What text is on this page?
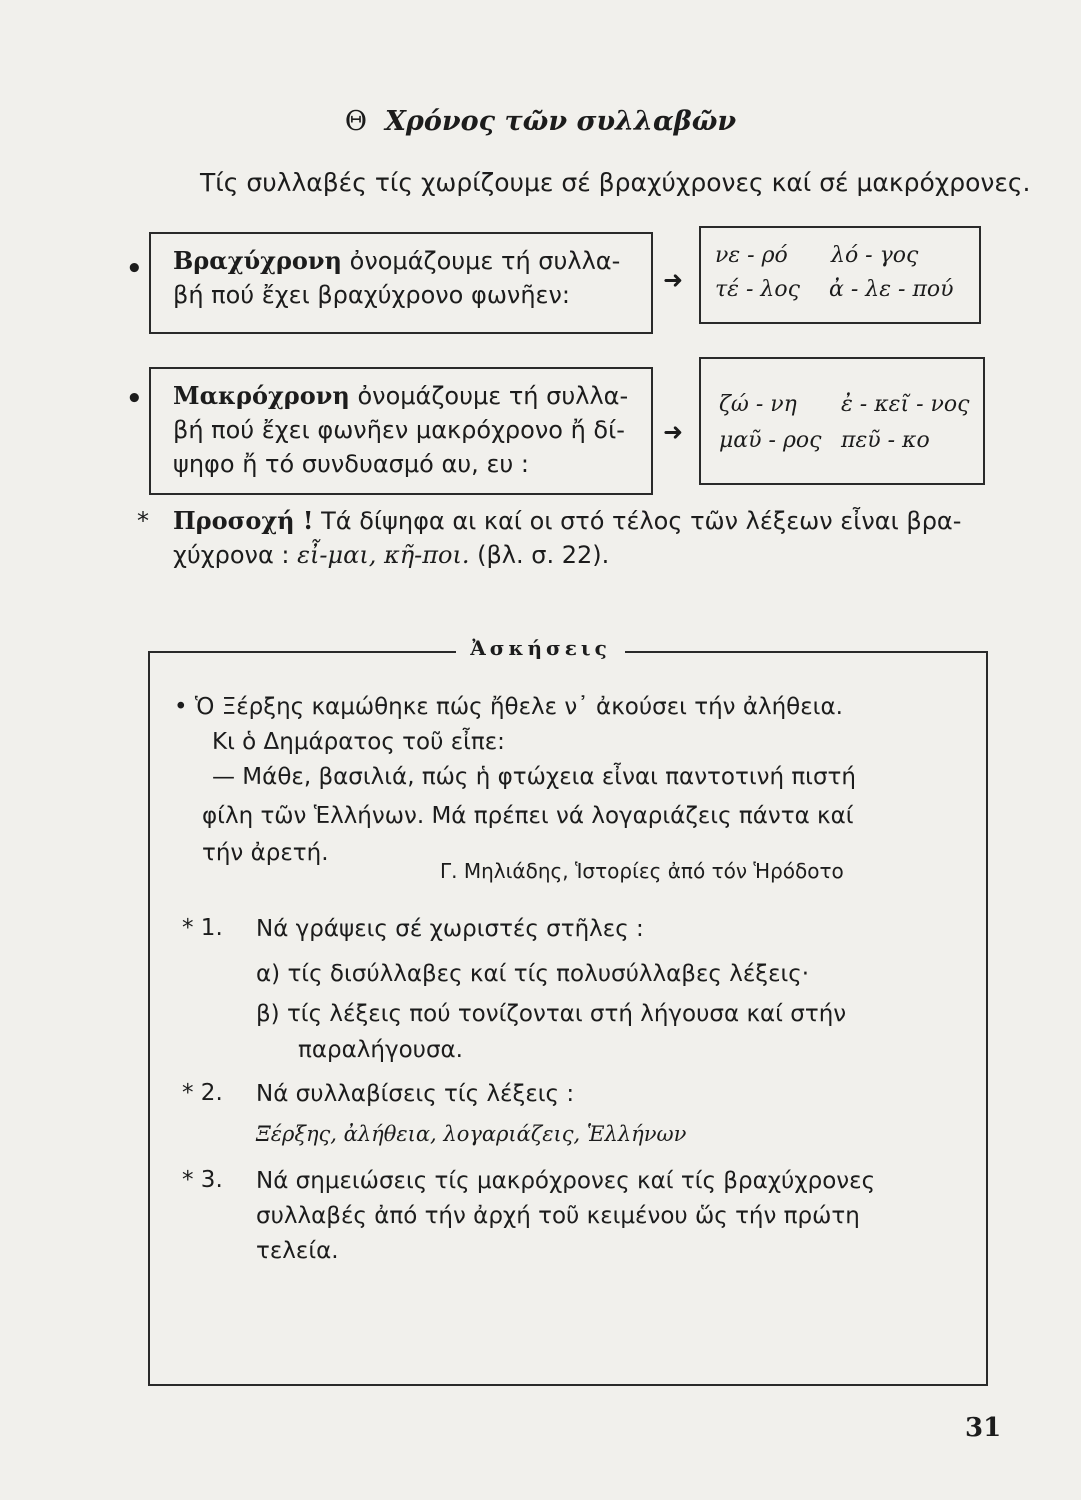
Θ Χρόνος τῶν συλλαβῶν
Τίς συλλαβές τίς χωρίζουμε σέ βραχύχρονες καί σέ μακρόχρονες.
• Βραχύχρονη ὀνομάζουμε τή συλλα-
βή πού ἔχει βραχύχρονο φωνῆεν:
➜
νε - ρό λό - γος
τέ - λος ἀ - λε - πού
• Μακρόχρονη ὀνομάζουμε τή συλλα-
βή πού ἔχει φωνῆεν μακρόχρονο ἤ δί-
ψηφο ἤ τό συνδυασμό αυ, ευ :
➜
ζώ - νη ἐ - κεῖ - νος
μαῦ - ρος πεῦ - κο
* Προσοχή ! Τά δίψηφα αι καί οι στό τέλος τῶν λέξεων εἶναι βρα-
χύχρονα : εἶ-μαι, κῆ-ποι. (βλ. σ. 22).
Ἀσκήσεις
• Ὁ Ξέρξης καμώθηκε πώς ἤθελε ν᾽ ἀκούσει τήν ἀλήθεια.
Κι ὁ Δημάρατος τοῦ εἶπε:
— Μάθε, βασιλιά, πώς ἡ φτώχεια εἶναι παντοτινή πιστή
φίλη τῶν Ἑλλήνων. Μά πρέπει νά λογαριάζεις πάντα καί
τήν ἀρετή.
Γ. Μηλιάδης, Ἱστορίες ἀπό τόν Ἡρόδοτο
* 1. Νά γράψεις σέ χωριστές στῆλες :
α) τίς δισύλλαβες καί τίς πολυσύλλαβες λέξεις·
β) τίς λέξεις πού τονίζονται στή λήγουσα καί στήν
παραλήγουσα.
* 2. Νά συλλαβίσεις τίς λέξεις :
Ξέρξης, ἀλήθεια, λογαριάζεις, Ἑλλήνων
* 3. Νά σημειώσεις τίς μακρόχρονες καί τίς βραχύχρονες
συλλαβές ἀπό τήν ἀρχή τοῦ κειμένου ὥς τήν πρώτη
τελεία.
31
